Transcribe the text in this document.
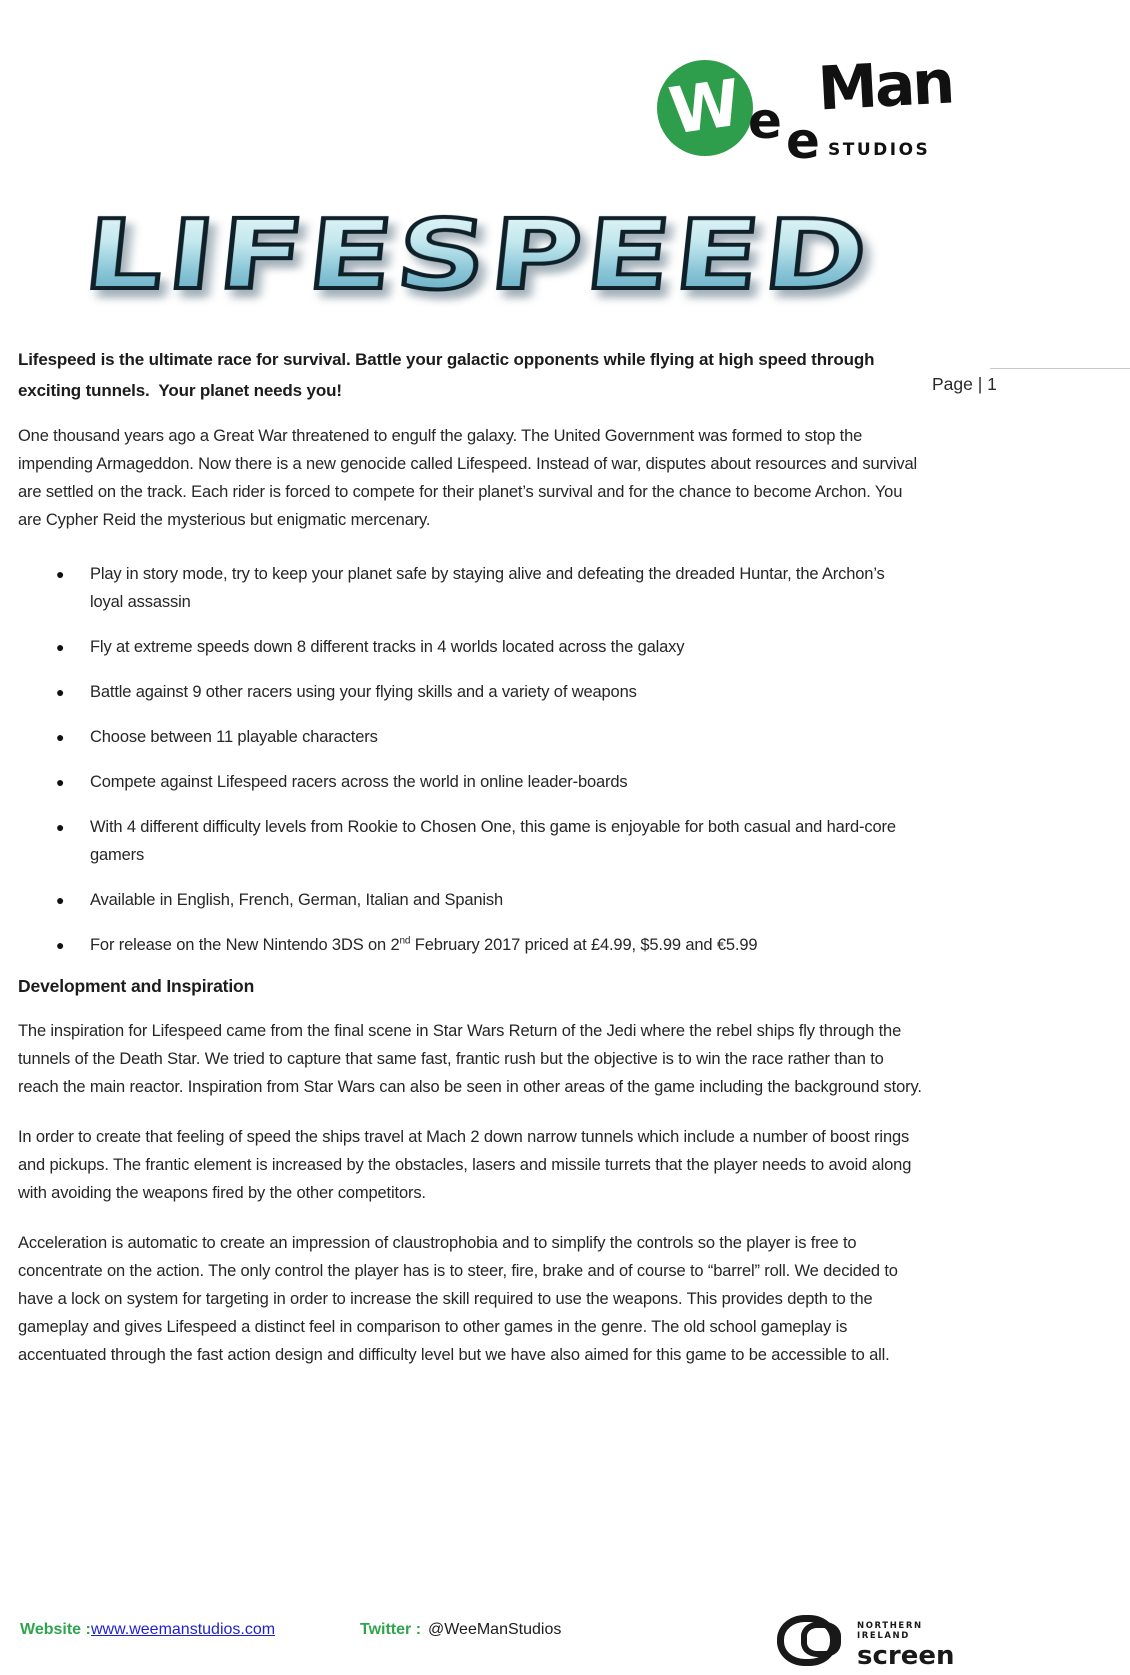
W e e
Man
STUDIOS
LIFESPEED
Page | 1

Lifespeed is the ultimate race for survival. Battle your galactic opponents while flying at high speed through exciting tunnels.  Your planet needs you!

One thousand years ago a Great War threatened to engulf the galaxy. The United Government was formed to stop the impending Armageddon. Now there is a new genocide called Lifespeed. Instead of war, disputes about resources and survival are settled on the track. Each rider is forced to compete for their planet’s survival and for the chance to become Archon. You are Cypher Reid the mysterious but enigmatic mercenary.

● Play in story mode, try to keep your planet safe by staying alive and defeating the dreaded Huntar, the Archon’s loyal assassin
● Fly at extreme speeds down 8 different tracks in 4 worlds located across the galaxy
● Battle against 9 other racers using your flying skills and a variety of weapons
● Choose between 11 playable characters
● Compete against Lifespeed racers across the world in online leader-boards
● With 4 different difficulty levels from Rookie to Chosen One, this game is enjoyable for both casual and hard-core gamers
● Available in English, French, German, Italian and Spanish
● For release on the New Nintendo 3DS on 2nd February 2017 priced at £4.99, $5.99 and €5.99
Development and Inspiration

The inspiration for Lifespeed came from the final scene in Star Wars Return of the Jedi where the rebel ships fly through the tunnels of the Death Star. We tried to capture that same fast, frantic rush but the objective is to win the race rather than to reach the main reactor. Inspiration from Star Wars can also be seen in other areas of the game including the background story.

In order to create that feeling of speed the ships travel at Mach 2 down narrow tunnels which include a number of boost rings and pickups. The frantic element is increased by the obstacles, lasers and missile turrets that the player needs to avoid along with avoiding the weapons fired by the other competitors.

Acceleration is automatic to create an impression of claustrophobia and to simplify the controls so the player is free to concentrate on the action. The only control the player has is to steer, fire, brake and of course to “barrel” roll. We decided to have a lock on system for targeting in order to increase the skill required to use the weapons. This provides depth to the gameplay and gives Lifespeed a distinct feel in comparison to other games in the genre. The old school gameplay is accentuated through the fast action design and difficulty level but we have also aimed for this game to be accessible to all.

Website : www.weemanstudios.com	Twitter : @WeeManStudios	NORTHERN IRELAND
screen
